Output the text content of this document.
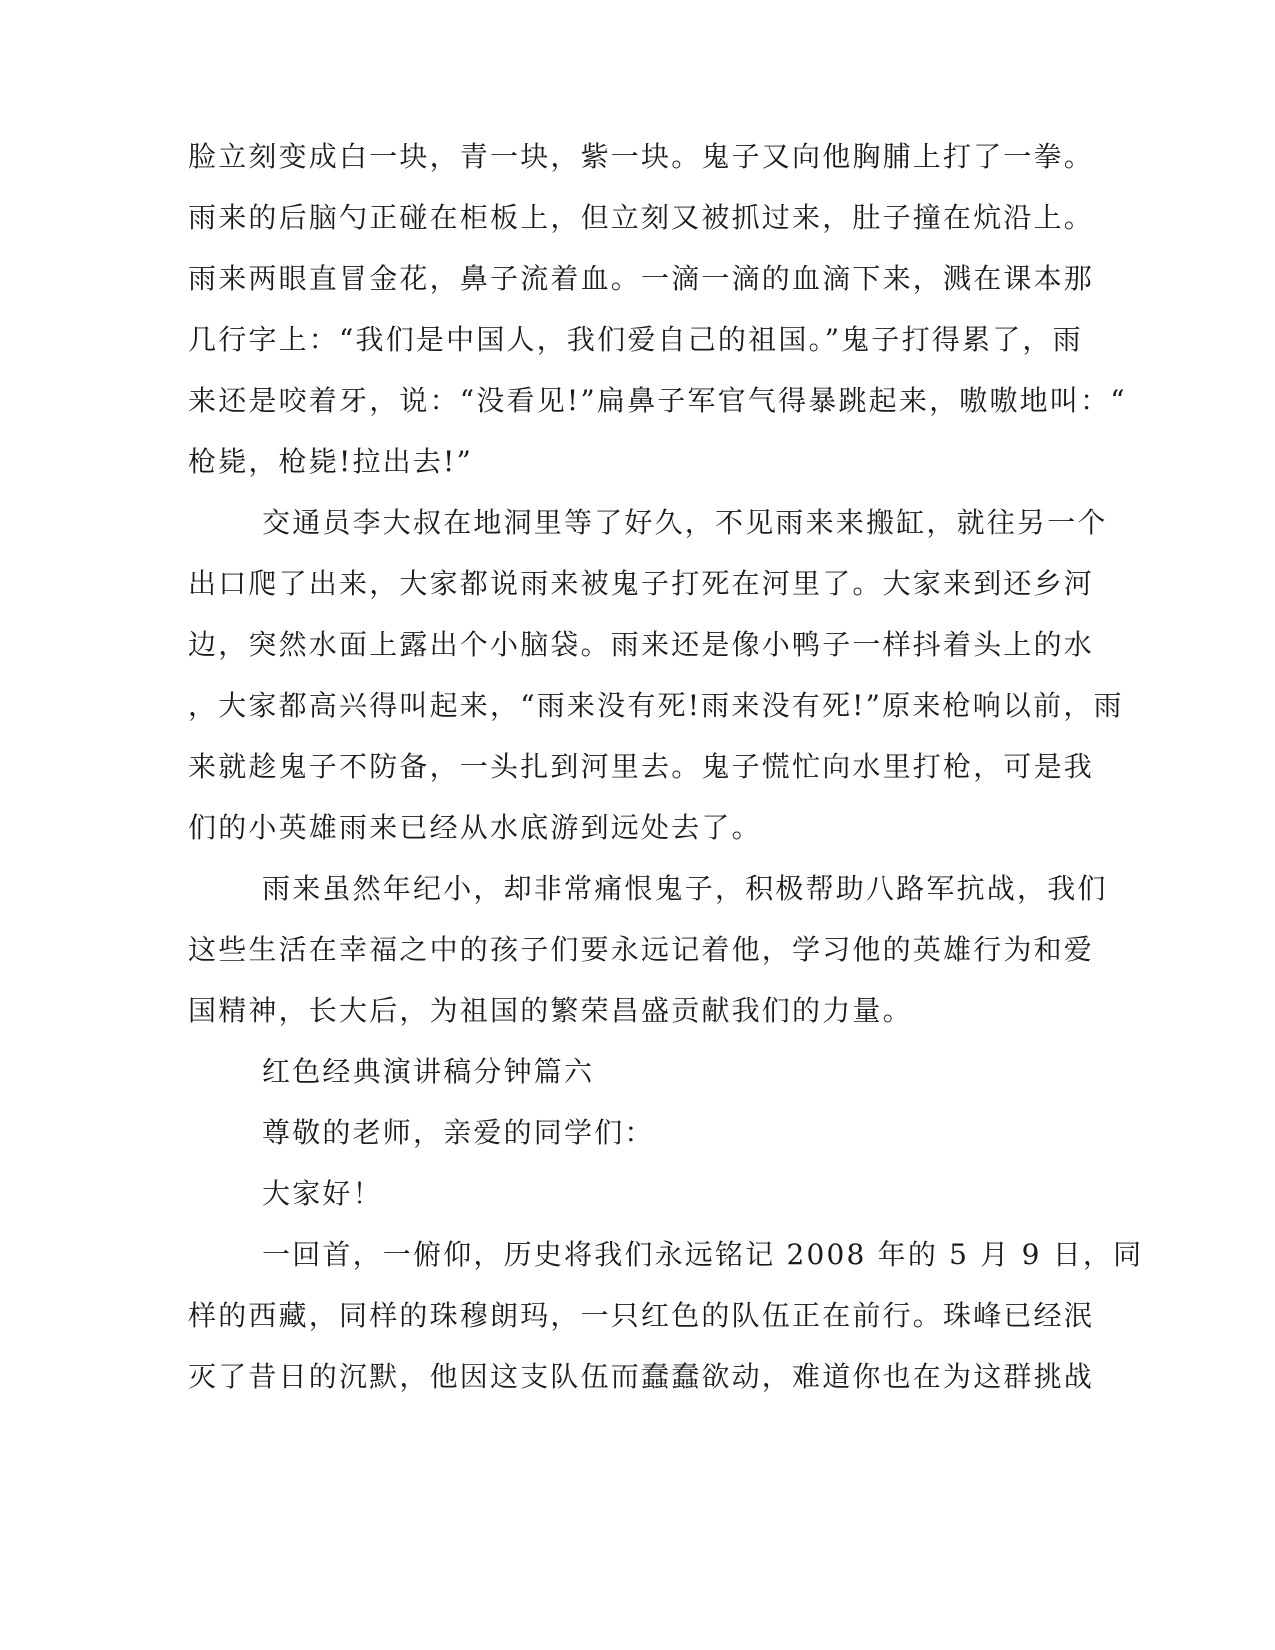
脸立刻变成白一块，青一块，紫一块。鬼子又向他胸脯上打了一拳。
雨来的后脑勺正碰在柜板上，但立刻又被抓过来，肚子撞在炕沿上。
雨来两眼直冒金花，鼻子流着血。一滴一滴的血滴下来，溅在课本那
几行字上：“我们是中国人，我们爱自己的祖国。”鬼子打得累了，雨
来还是咬着牙，说：“没看见!”扁鼻子军官气得暴跳起来，嗷嗷地叫：“
枪毙，枪毙!拉出去!”
交通员李大叔在地洞里等了好久，不见雨来来搬缸，就往另一个
出口爬了出来，大家都说雨来被鬼子打死在河里了。大家来到还乡河
边，突然水面上露出个小脑袋。雨来还是像小鸭子一样抖着头上的水
，大家都高兴得叫起来，“雨来没有死!雨来没有死!”原来枪响以前，雨
来就趁鬼子不防备，一头扎到河里去。鬼子慌忙向水里打枪，可是我
们的小英雄雨来已经从水底游到远处去了。
雨来虽然年纪小，却非常痛恨鬼子，积极帮助八路军抗战，我们
这些生活在幸福之中的孩子们要永远记着他，学习他的英雄行为和爱
国精神，长大后，为祖国的繁荣昌盛贡献我们的力量。
红色经典演讲稿分钟篇六
尊敬的老师，亲爱的同学们：
大家好！
一回首，一俯仰，历史将我们永远铭记 2008 年的 5 月 9 日，同
样的西藏，同样的珠穆朗玛，一只红色的队伍正在前行。珠峰已经泯
灭了昔日的沉默，他因这支队伍而蠢蠢欲动，难道你也在为这群挑战
